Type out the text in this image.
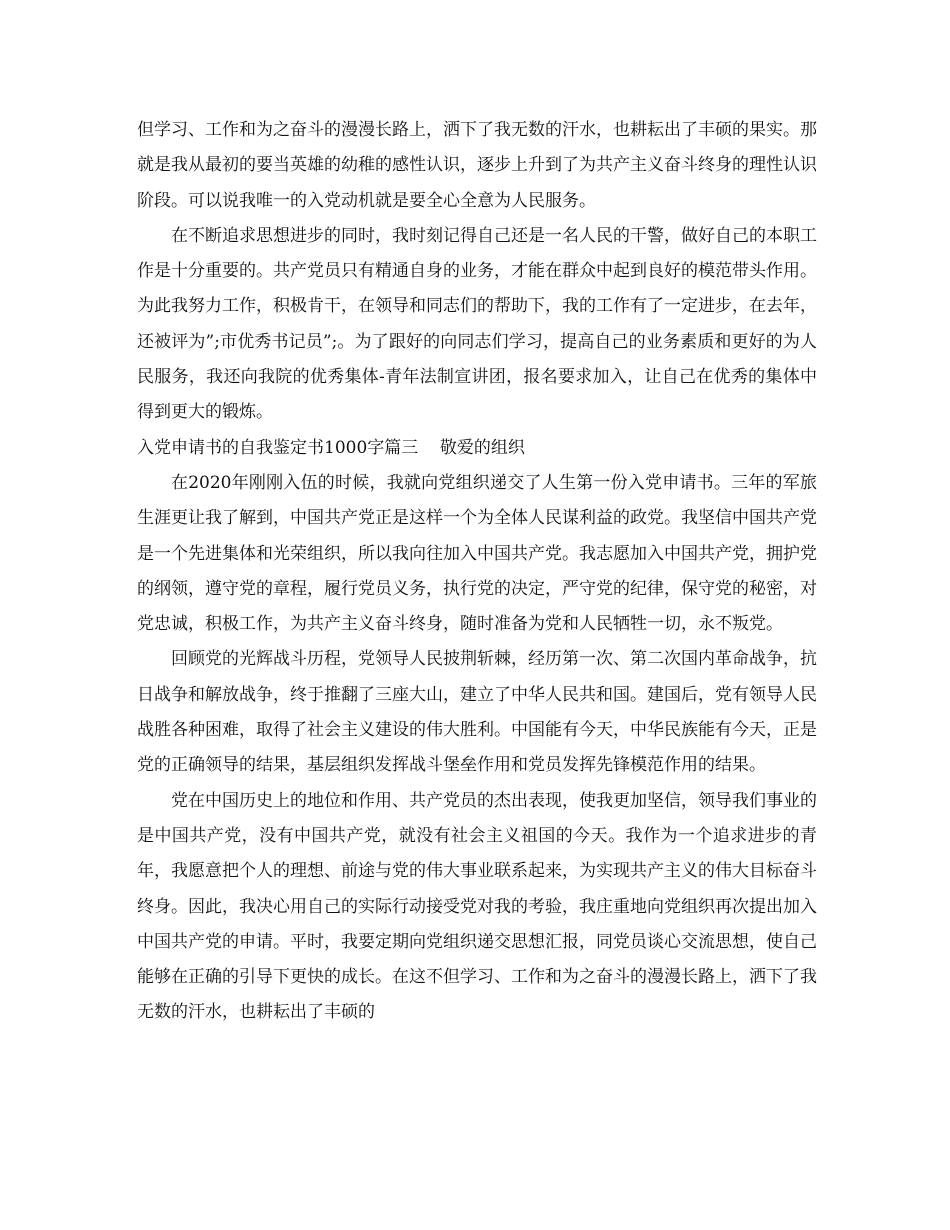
但学习、工作和为之奋斗的漫漫长路上，洒下了我无数的汗水，也耕耘出了丰硕的果实。那就是我从最初的要当英雄的幼稚的感性认识，逐步上升到了为共产主义奋斗终身的理性认识阶段。可以说我唯一的入党动机就是要全心全意为人民服务。

在不断追求思想进步的同时，我时刻记得自己还是一名人民的干警，做好自己的本职工作是十分重要的。共产党员只有精通自身的业务，才能在群众中起到良好的模范带头作用。为此我努力工作，积极肯干，在领导和同志们的帮助下，我的工作有了一定进步，在去年，还被评为”;市优秀书记员”;。为了跟好的向同志们学习，提高自己的业务素质和更好的为人民服务，我还向我院的优秀集体-青年法制宣讲团，报名要求加入，让自己在优秀的集体中得到更大的锻炼。

入党申请书的自我鉴定书1000字篇三    敬爱的组织

在2020年刚刚入伍的时候，我就向党组织递交了人生第一份入党申请书。三年的军旅生涯更让我了解到，中国共产党正是这样一个为全体人民谋利益的政党。我坚信中国共产党是一个先进集体和光荣组织，所以我向往加入中国共产党。我志愿加入中国共产党，拥护党的纲领，遵守党的章程，履行党员义务，执行党的决定，严守党的纪律，保守党的秘密，对党忠诚，积极工作，为共产主义奋斗终身，随时准备为党和人民牺牲一切，永不叛党。

回顾党的光辉战斗历程，党领导人民披荆斩棘，经历第一次、第二次国内革命战争，抗日战争和解放战争，终于推翻了三座大山，建立了中华人民共和国。建国后，党有领导人民战胜各种困难，取得了社会主义建设的伟大胜利。中国能有今天，中华民族能有今天，正是党的正确领导的结果，基层组织发挥战斗堡垒作用和党员发挥先锋模范作用的结果。

党在中国历史上的地位和作用、共产党员的杰出表现，使我更加坚信，领导我们事业的是中国共产党，没有中国共产党，就没有社会主义祖国的今天。我作为一个追求进步的青年，我愿意把个人的理想、前途与党的伟大事业联系起来，为实现共产主义的伟大目标奋斗终身。因此，我决心用自己的实际行动接受党对我的考验，我庄重地向党组织再次提出加入中国共产党的申请。平时，我要定期向党组织递交思想汇报，同党员谈心交流思想，使自己能够在正确的引导下更快的成长。在这不但学习、工作和为之奋斗的漫漫长路上，洒下了我无数的汗水，也耕耘出了丰硕的
